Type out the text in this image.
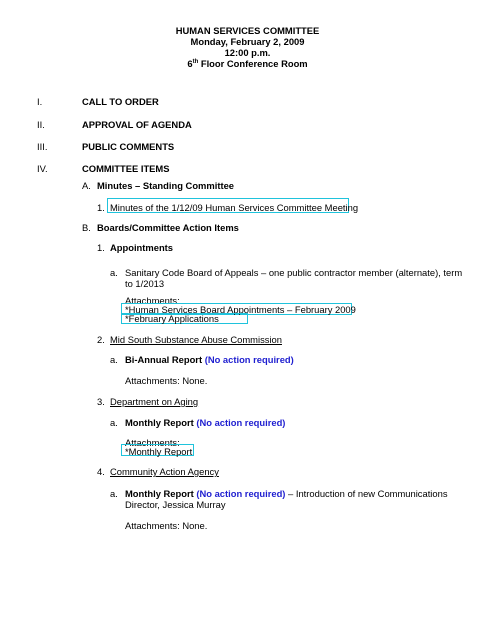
HUMAN SERVICES COMMITTEE
Monday, February 2, 2009
12:00 p.m.
6th Floor Conference Room
I.	CALL TO ORDER
II.	APPROVAL OF AGENDA
III.	PUBLIC COMMENTS
IV.	COMMITTEE ITEMS
A. Minutes – Standing Committee
1. Minutes of the 1/12/09 Human Services Committee Meeting
B. Boards/Committee Action Items
1. Appointments
a. Sanitary Code Board of Appeals – one public contractor member (alternate), term
to 1/2013
Attachments:
*Human Services Board Appointments – February 2009
*February Applications
2. Mid South Substance Abuse Commission
a. Bi-Annual Report (No action required)
Attachments: None.
3. Department on Aging
a. Monthly Report (No action required)
Attachments:
*Monthly Report
4. Community Action Agency
a. Monthly Report (No action required) – Introduction of new Communications
Director, Jessica Murray
Attachments: None.
